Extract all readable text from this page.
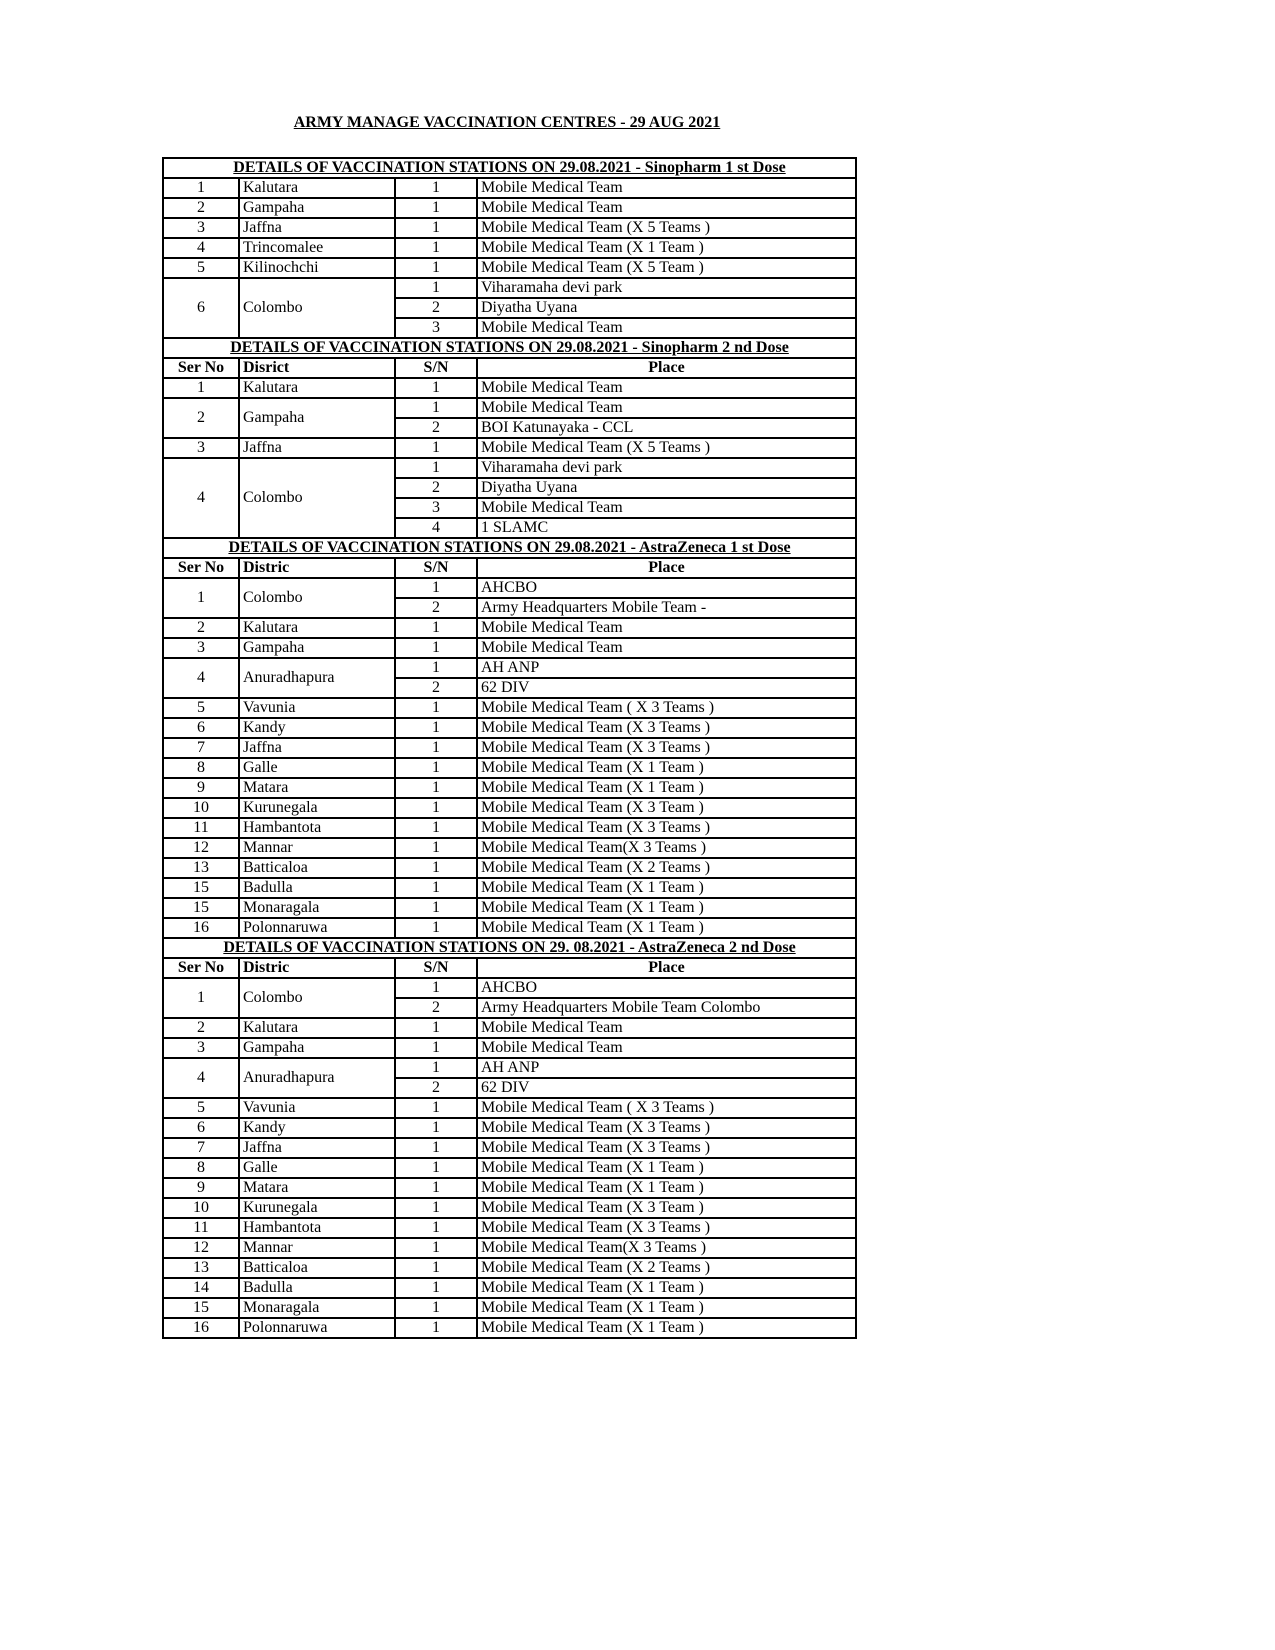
ARMY MANAGE VACCINATION CENTRES - 29 AUG 2021
DETAILS OF VACCINATION STATIONS ON 29.08.2021 - Sinopharm 1 st Dose			
1	Kalutara	1	Mobile Medical Team
2	Gampaha	1	Mobile Medical Team
3	Jaffna	1	Mobile Medical Team (X 5 Teams )
4	Trincomalee	1	Mobile Medical Team (X 1 Team )
5	Kilinochchi	1	Mobile Medical Team (X 5 Team )
6	Colombo	1	Viharamaha devi park
		2	Diyatha Uyana
		3	Mobile Medical Team
DETAILS OF VACCINATION STATIONS ON 29.08.2021 - Sinopharm 2 nd Dose			
Ser No	Disrict	S/N	Place
1	Kalutara	1	Mobile Medical Team
2	Gampaha	1	Mobile Medical Team
		2	BOI Katunayaka - CCL
3	Jaffna	1	Mobile Medical Team (X 5 Teams )
4	Colombo	1	Viharamaha devi park
		2	Diyatha Uyana
		3	Mobile Medical Team
		4	1 SLAMC
DETAILS OF VACCINATION STATIONS ON 29.08.2021 - AstraZeneca 1 st Dose			
Ser No	Distric	S/N	Place
1	Colombo	1	AHCBO
		2	Army Headquarters Mobile Team -
2	Kalutara	1	Mobile Medical Team
3	Gampaha	1	Mobile Medical Team
4	Anuradhapura	1	AH ANP
		2	62 DIV
5	Vavunia	1	Mobile Medical Team ( X 3 Teams )
6	Kandy	1	Mobile Medical Team (X 3 Teams )
7	Jaffna	1	Mobile Medical Team (X 3 Teams )
8	Galle	1	Mobile Medical Team (X 1 Team )
9	Matara	1	Mobile Medical Team (X 1 Team )
10	Kurunegala	1	Mobile Medical Team (X 3 Team )
11	Hambantota	1	Mobile Medical Team (X 3 Teams )
12	Mannar	1	Mobile Medical Team(X 3 Teams )
13	Batticaloa	1	Mobile Medical Team (X 2 Teams )
15	Badulla	1	Mobile Medical Team (X 1 Team )
15	Monaragala	1	Mobile Medical Team (X 1 Team )
16	Polonnaruwa	1	Mobile Medical Team (X 1 Team )
DETAILS OF VACCINATION STATIONS ON 29. 08.2021 - AstraZeneca 2 nd Dose			
Ser No	Distric	S/N	Place
1	Colombo	1	AHCBO
		2	Army Headquarters Mobile Team Colombo
2	Kalutara	1	Mobile Medical Team
3	Gampaha	1	Mobile Medical Team
4	Anuradhapura	1	AH ANP
		2	62 DIV
5	Vavunia	1	Mobile Medical Team ( X 3 Teams )
6	Kandy	1	Mobile Medical Team (X 3 Teams )
7	Jaffna	1	Mobile Medical Team (X 3 Teams )
8	Galle	1	Mobile Medical Team (X 1 Team )
9	Matara	1	Mobile Medical Team (X 1 Team )
10	Kurunegala	1	Mobile Medical Team (X 3 Team )
11	Hambantota	1	Mobile Medical Team (X 3 Teams )
12	Mannar	1	Mobile Medical Team(X 3 Teams )
13	Batticaloa	1	Mobile Medical Team (X 2 Teams )
14	Badulla	1	Mobile Medical Team (X 1 Team )
15	Monaragala	1	Mobile Medical Team (X 1 Team )
16	Polonnaruwa	1	Mobile Medical Team (X 1 Team )
